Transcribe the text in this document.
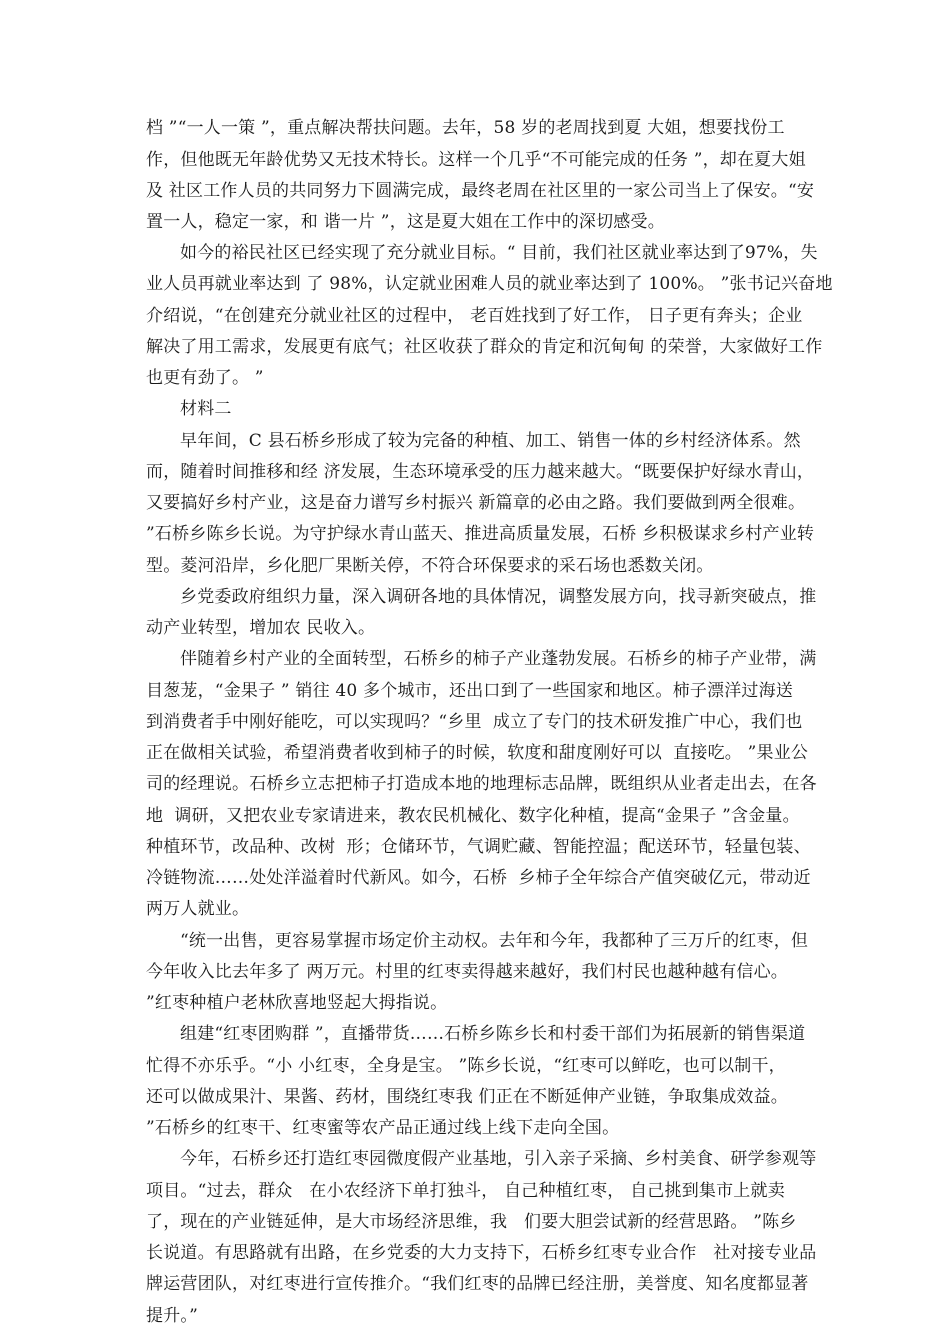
档 ”“一人一策 ”，重点解决帮扶问题。去年，58 岁的老周找到夏 大姐，想要找份工

作，但他既无年龄优势又无技术特长。这样一个几乎“不可能完成的任务 ”，却在夏大姐

及 社区工作人员的共同努力下圆满完成，最终老周在社区里的一家公司当上了保安。“安

置一人，稳定一家，和 谐一片 ”，这是夏大姐在工作中的深切感受。

如今的裕民社区已经实现了充分就业目标。“ 目前，我们社区就业率达到了97%，失

业人员再就业率达到 了 98%，认定就业困难人员的就业率达到了 100%。 ”张书记兴奋地

介绍说，“在创建充分就业社区的过程中， 老百姓找到了好工作， 日子更有奔头；企业

解决了用工需求，发展更有底气；社区收获了群众的肯定和沉甸甸 的荣誉，大家做好工作

也更有劲了。 ”

材料二

早年间，C 县石桥乡形成了较为完备的种植、加工、销售一体的乡村经济体系。然

而，随着时间推移和经 济发展，生态环境承受的压力越来越大。“既要保护好绿水青山，

又要搞好乡村产业，这是奋力谱写乡村振兴 新篇章的必由之路。我们要做到两全很难。

”石桥乡陈乡长说。为守护绿水青山蓝天、推进高质量发展，石桥 乡积极谋求乡村产业转

型。菱河沿岸，乡化肥厂果断关停，不符合环保要求的采石场也悉数关闭。

乡党委政府组织力量，深入调研各地的具体情况，调整发展方向，找寻新突破点，推

动产业转型，增加农 民收入。

伴随着乡村产业的全面转型，石桥乡的柿子产业蓬勃发展。石桥乡的柿子产业带，满

目葱茏，“金果子 ” 销往 40 多个城市，还出口到了一些国家和地区。柿子漂洋过海送

到消费者手中刚好能吃，可以实现吗？“乡里  成立了专门的技术研发推广中心，我们也

正在做相关试验，希望消费者收到柿子的时候，软度和甜度刚好可以  直接吃。 ”果业公

司的经理说。石桥乡立志把柿子打造成本地的地理标志品牌，既组织从业者走出去，在各

地  调研，又把农业专家请进来，教农民机械化、数字化种植，提高“金果子 ”含金量。

种植环节，改品种、改树  形；仓储环节，气调贮藏、智能控温；配送环节，轻量包装、

冷链物流……处处洋溢着时代新风。如今，石桥  乡柿子全年综合产值突破亿元，带动近

两万人就业。

“统一出售，更容易掌握市场定价主动权。去年和今年，我都种了三万斤的红枣，但

今年收入比去年多了 两万元。村里的红枣卖得越来越好，我们村民也越种越有信心。

”红枣种植户老林欣喜地竖起大拇指说。

组建“红枣团购群 ”，直播带货……石桥乡陈乡长和村委干部们为拓展新的销售渠道

忙得不亦乐乎。“小 小红枣，全身是宝。 ”陈乡长说，“红枣可以鲜吃，也可以制干，

还可以做成果汁、果酱、药材，围绕红枣我 们正在不断延伸产业链，争取集成效益。

”石桥乡的红枣干、红枣蜜等农产品正通过线上线下走向全国。

今年，石桥乡还打造红枣园微度假产业基地，引入亲子采摘、乡村美食、研学参观等

项目。“过去，群众   在小农经济下单打独斗， 自己种植红枣， 自己挑到集市上就卖

了，现在的产业链延伸，是大市场经济思维，我   们要大胆尝试新的经营思路。 ”陈乡

长说道。有思路就有出路，在乡党委的大力支持下，石桥乡红枣专业合作   社对接专业品

牌运营团队，对红枣进行宣传推介。“我们红枣的品牌已经注册，美誉度、知名度都显著

提升。”
